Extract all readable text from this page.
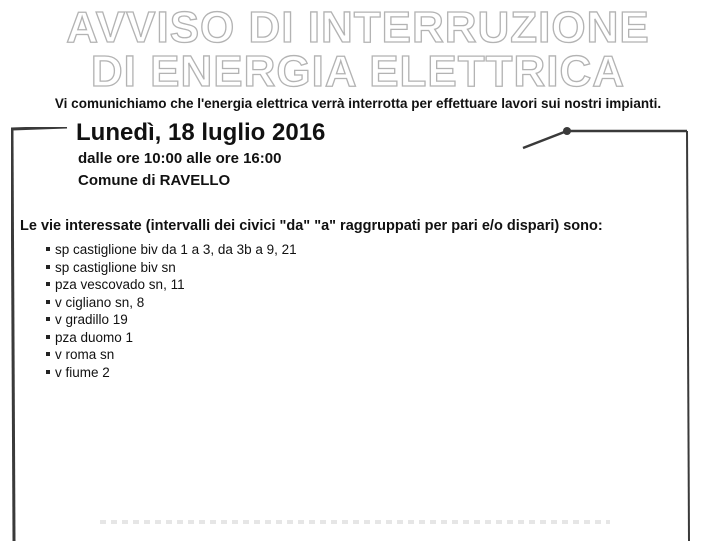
AVVISO DI INTERRUZIONE
DI ENERGIA ELETTRICA
Vi comunichiamo che l'energia elettrica verrà interrotta per effettuare lavori sui nostri impianti.
Lunedì, 18 luglio 2016
dalle ore 10:00 alle ore 16:00
Comune di RAVELLO
Le vie interessate (intervalli dei civici "da" "a" raggruppati per pari e/o dispari) sono:
sp castiglione biv da 1 a 3, da 3b a 9, 21
sp castiglione biv sn
pza vescovado sn, 11
v cigliano sn, 8
v gradillo 19
pza duomo 1
v roma sn
v fiume 2
